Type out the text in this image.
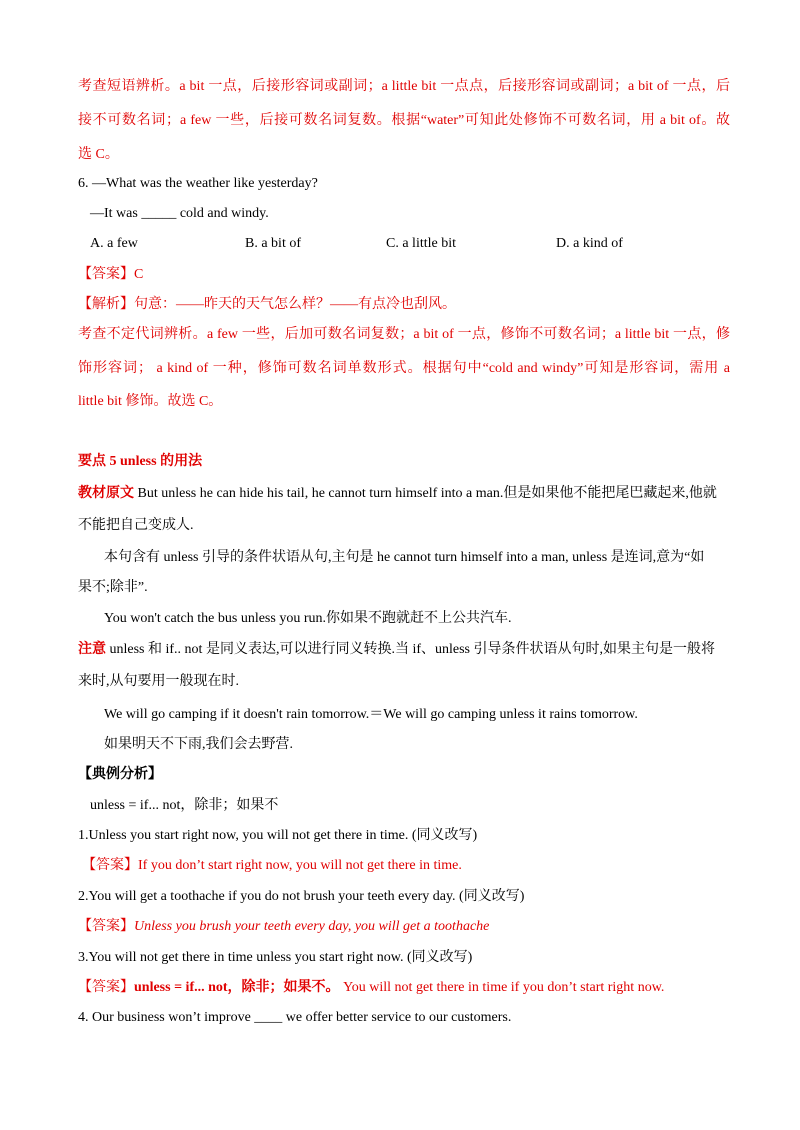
考查短语辨析。a bit 一点，后接形容词或副词；a little bit 一点点，后接形容词或副词；a bit of 一点，后
接不可数名词；a few 一些，后接可数名词复数。根据“water”可知此处修饰不可数名词，用 a bit of。故
选 C。
6. —What was the weather like yesterday?
—It was _____ cold and windy.
A. a few	B. a bit of	C. a little bit	D. a kind of
【答案】C
【解析】句意：——昨天的天气怎么样？——有点冷也刮风。
考查不定代词辨析。a few 一些，后加可数名词复数；a bit of 一点，修饰不可数名词；a little bit 一点，修
饰形容词； a kind of 一种，修饰可数名词单数形式。根据句中“cold and windy”可知是形容词，需用 a
little bit 修饰。故选 C。
要点 5 unless 的用法
教材原文 But unless he can hide his tail, he cannot turn himself into a man.但是如果他不能把尾巴藏起来,他就
不能把自己变成人.
本句含有 unless 引导的条件状语从句,主句是 he cannot turn himself into a man, unless 是连词,意为“如
果不;除非”.
You won't catch the bus unless you run.你如果不跑就赶不上公共汽车.
注意 unless 和 if.. not 是同义表达,可以进行同义转换.当 if、unless 引导条件状语从句时,如果主句是一般将
来时,从句要用一般现在时.
We will go camping if it doesn't rain tomorrow.＝We will go camping unless it rains tomorrow.
如果明天不下雨,我们会去野营.
【典例分析】
unless = if... not，除非；如果不
1.Unless you start right now, you will not get there in time. (同义改写)
【答案】If you don’t start right now, you will not get there in time.
2.You will get a toothache if you do not brush your teeth every day. (同义改写)
【答案】Unless you brush your teeth every day, you will get a toothache
3.You will not get there in time unless you start right now. (同义改写)
【答案】unless = if... not，除非；如果不。 You will not get there in time if you don’t start right now.
4. Our business won’t improve ____ we offer better service to our customers.
